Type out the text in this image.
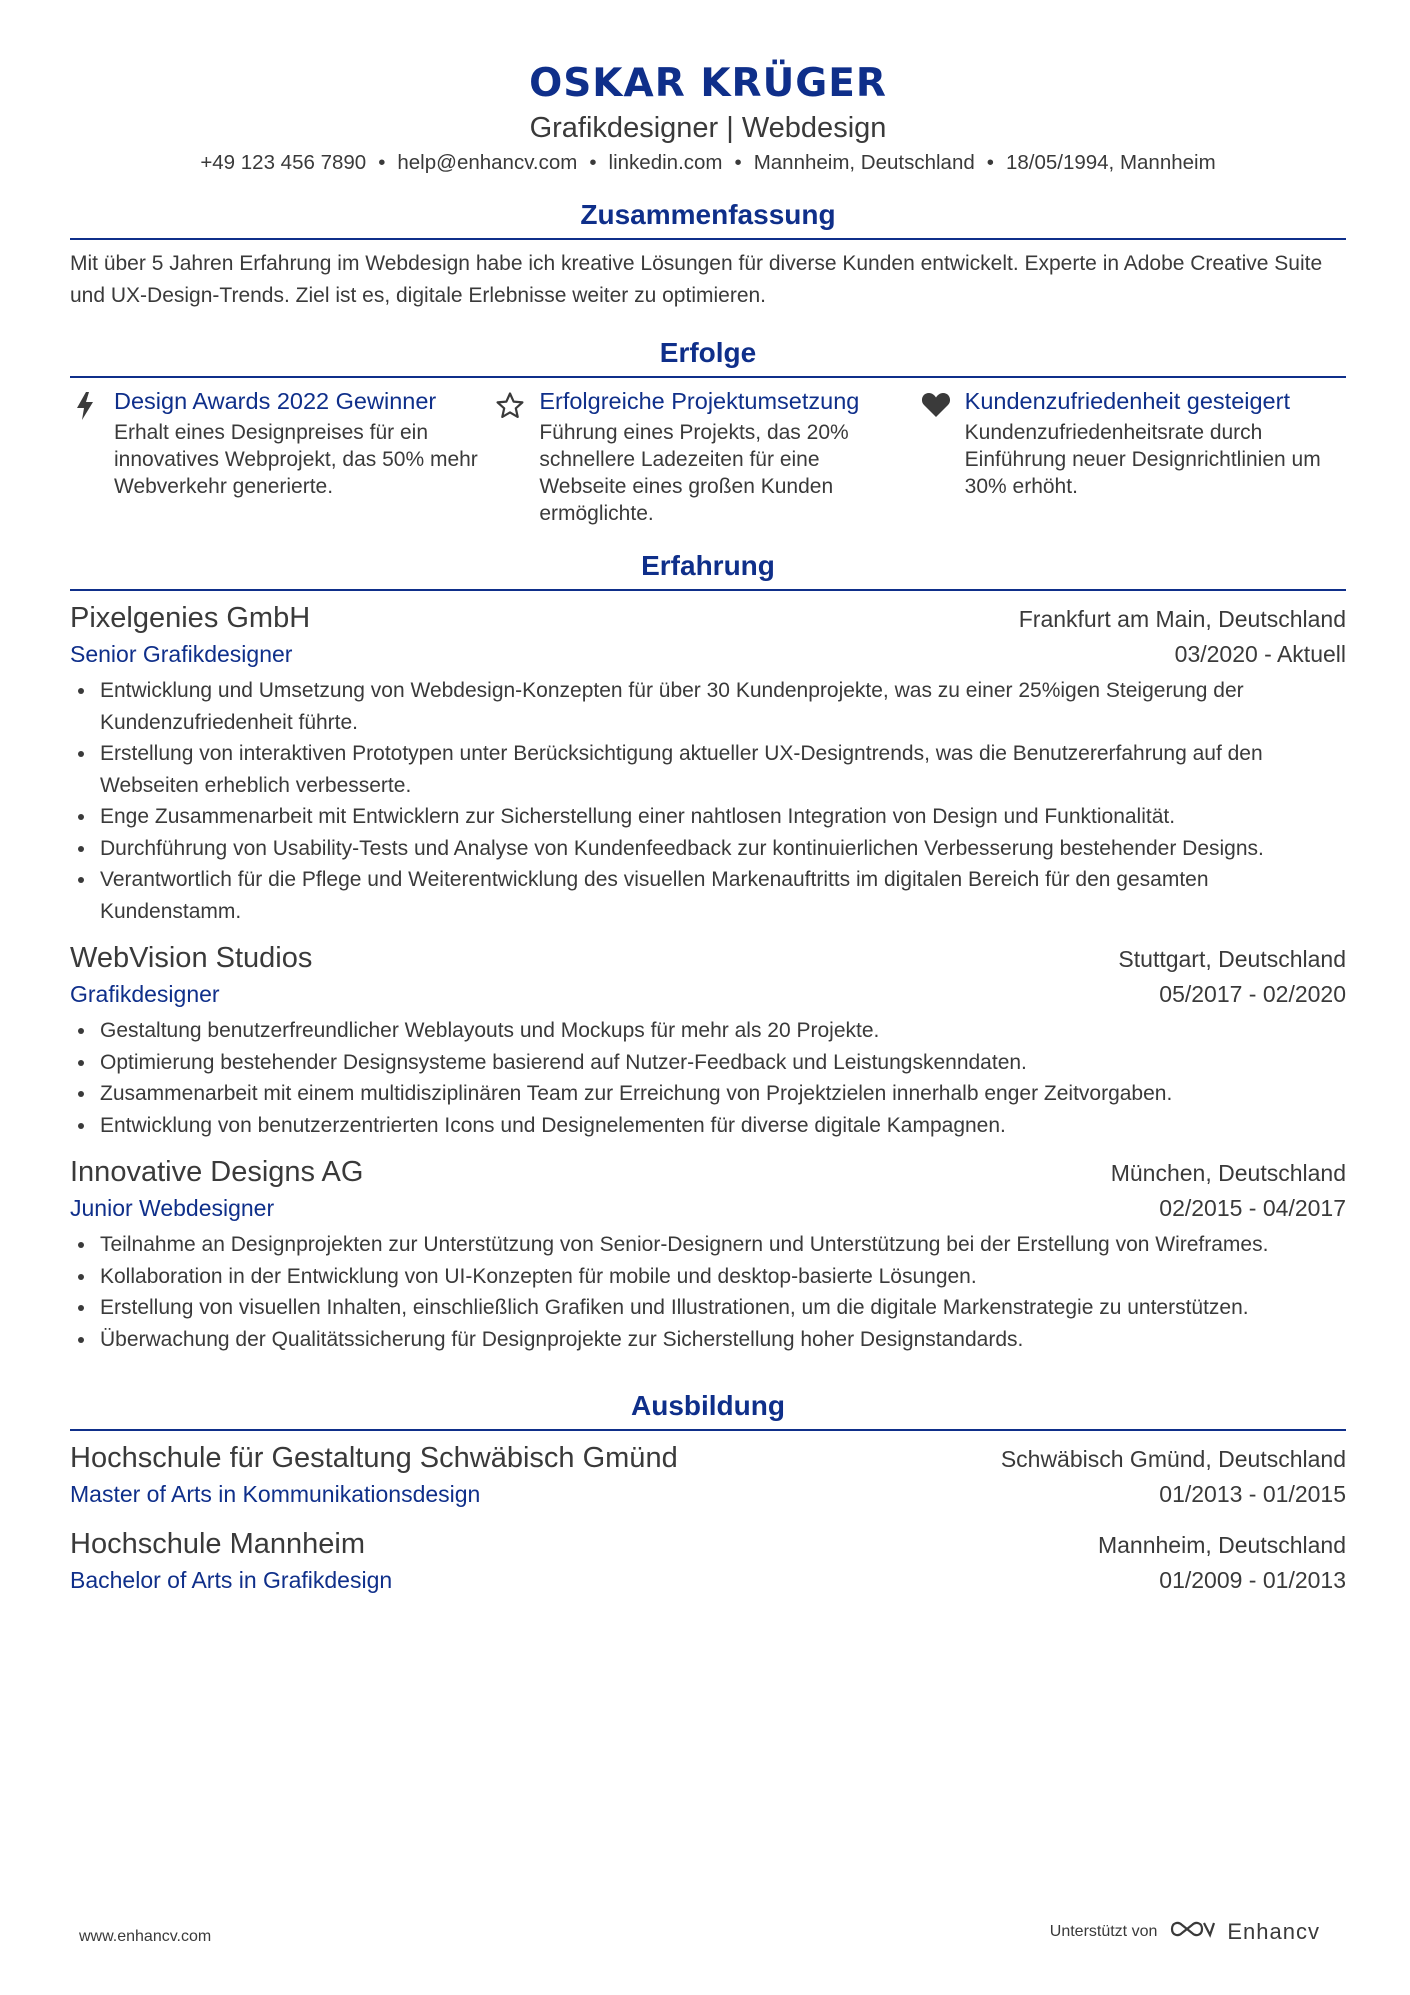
OSKAR KRÜGER
Grafikdesigner | Webdesign
+49 123 456 7890 • help@enhancv.com • linkedin.com • Mannheim, Deutschland • 18/05/1994, Mannheim
Zusammenfassung
Mit über 5 Jahren Erfahrung im Webdesign habe ich kreative Lösungen für diverse Kunden entwickelt. Experte in Adobe Creative Suite und UX-Design-Trends. Ziel ist es, digitale Erlebnisse weiter zu optimieren.
Erfolge
Design Awards 2022 Gewinner
Erhalt eines Designpreises für ein innovatives Webprojekt, das 50% mehr Webverkehr generierte.
Erfolgreiche Projektumsetzung
Führung eines Projekts, das 20% schnellere Ladezeiten für eine Webseite eines großen Kunden ermöglichte.
Kundenzufriedenheit gesteigert
Kundenzufriedenheitsrate durch Einführung neuer Designrichtlinien um 30% erhöht.
Erfahrung
Pixelgenies GmbH	Frankfurt am Main, Deutschland
Senior Grafikdesigner	03/2020 - Aktuell
Entwicklung und Umsetzung von Webdesign-Konzepten für über 30 Kundenprojekte, was zu einer 25%igen Steigerung der Kundenzufriedenheit führte.
Erstellung von interaktiven Prototypen unter Berücksichtigung aktueller UX-Designtrends, was die Benutzererfahrung auf den Webseiten erheblich verbesserte.
Enge Zusammenarbeit mit Entwicklern zur Sicherstellung einer nahtlosen Integration von Design und Funktionalität.
Durchführung von Usability-Tests und Analyse von Kundenfeedback zur kontinuierlichen Verbesserung bestehender Designs.
Verantwortlich für die Pflege und Weiterentwicklung des visuellen Markenauftritts im digitalen Bereich für den gesamten Kundenstamm.
WebVision Studios	Stuttgart, Deutschland
Grafikdesigner	05/2017 - 02/2020
Gestaltung benutzerfreundlicher Weblayouts und Mockups für mehr als 20 Projekte.
Optimierung bestehender Designsysteme basierend auf Nutzer-Feedback und Leistungskenndaten.
Zusammenarbeit mit einem multidisziplinären Team zur Erreichung von Projektzielen innerhalb enger Zeitvorgaben.
Entwicklung von benutzerzentrierten Icons und Designelementen für diverse digitale Kampagnen.
Innovative Designs AG	München, Deutschland
Junior Webdesigner	02/2015 - 04/2017
Teilnahme an Designprojekten zur Unterstützung von Senior-Designern und Unterstützung bei der Erstellung von Wireframes.
Kollaboration in der Entwicklung von UI-Konzepten für mobile und desktop-basierte Lösungen.
Erstellung von visuellen Inhalten, einschließlich Grafiken und Illustrationen, um die digitale Markenstrategie zu unterstützen.
Überwachung der Qualitätssicherung für Designprojekte zur Sicherstellung hoher Designstandards.
Ausbildung
Hochschule für Gestaltung Schwäbisch Gmünd	Schwäbisch Gmünd, Deutschland
Master of Arts in Kommunikationsdesign	01/2013 - 01/2015
Hochschule Mannheim	Mannheim, Deutschland
Bachelor of Arts in Grafikdesign	01/2009 - 01/2013
www.enhancv.com	Unterstützt von	Enhancv
